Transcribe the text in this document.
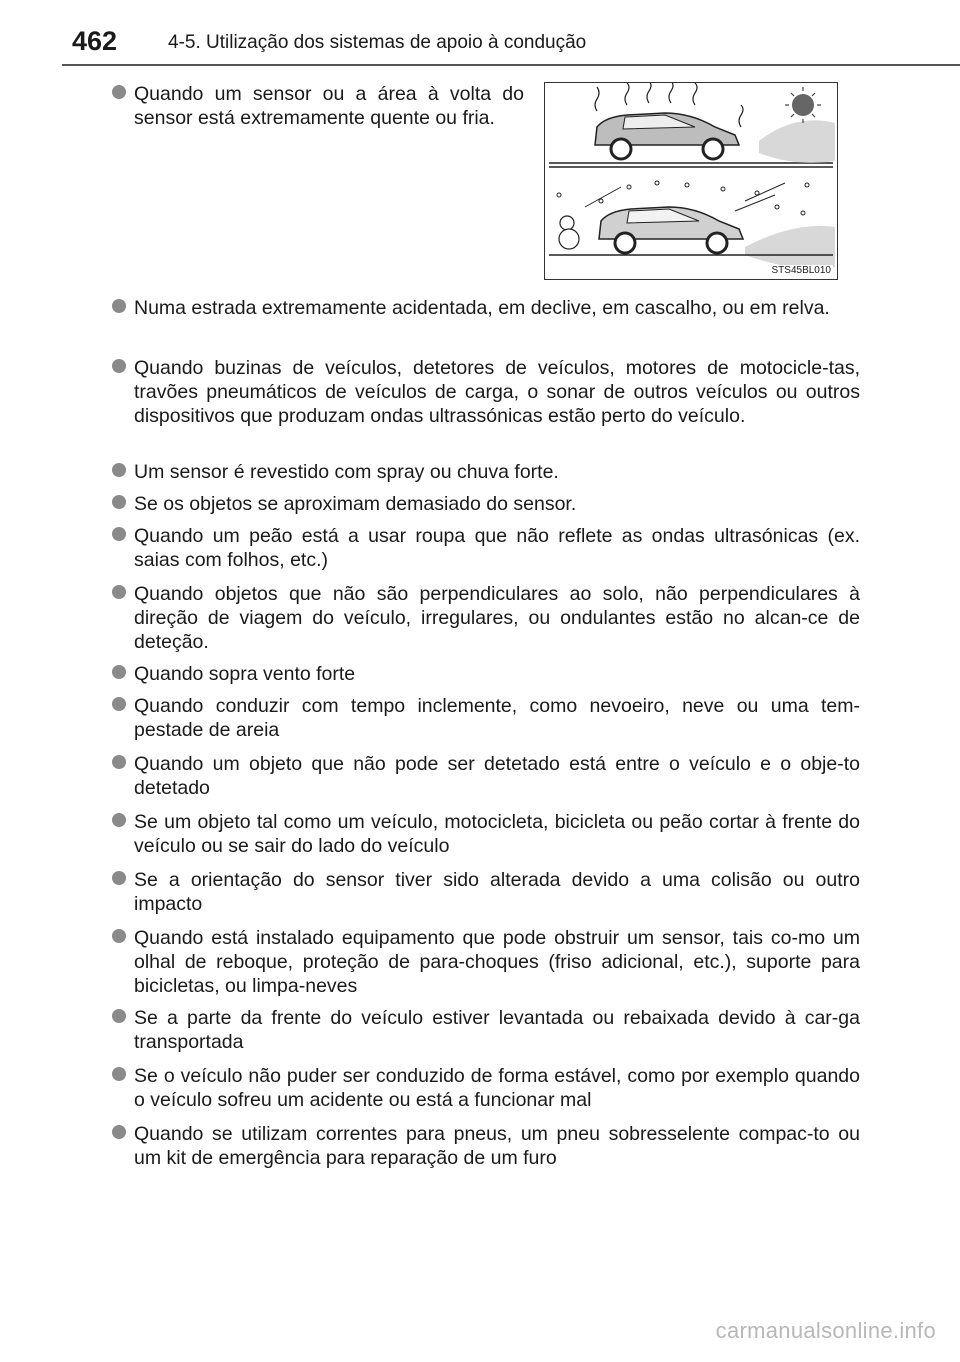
462	4-5. Utilização dos sistemas de apoio à condução
STS45BL010
Quando um sensor ou a área à volta do sensor está extremamente quente ou fria.
Numa estrada extremamente acidentada, em declive, em cascalho, ou em relva.
Quando buzinas de veículos, detetores de veículos, motores de motocicle-tas, travões pneumáticos de veículos de carga, o sonar de outros veículos ou outros dispositivos que produzam ondas ultrassónicas estão perto do veículo.
Um sensor é revestido com spray ou chuva forte.
Se os objetos se aproximam demasiado do sensor.
Quando um peão está a usar roupa que não reflete as ondas ultrasónicas (ex. saias com folhos, etc.)
Quando objetos que não são perpendiculares ao solo, não perpendiculares à direção de viagem do veículo, irregulares, ou ondulantes estão no alcan-ce de deteção.
Quando sopra vento forte
Quando conduzir com tempo inclemente, como nevoeiro, neve ou uma tem-pestade de areia
Quando um objeto que não pode ser detetado está entre o veículo e o obje-to detetado
Se um objeto tal como um veículo, motocicleta, bicicleta ou peão cortar à frente do veículo ou se sair do lado do veículo
Se a orientação do sensor tiver sido alterada devido a uma colisão ou outro impacto
Quando está instalado equipamento que pode obstruir um sensor, tais co-mo um olhal de reboque, proteção de para-choques (friso adicional, etc.), suporte para bicicletas, ou limpa-neves
Se a parte da frente do veículo estiver levantada ou rebaixada devido à car-ga transportada
Se o veículo não puder ser conduzido de forma estável, como por exemplo quando o veículo sofreu um acidente ou está a funcionar mal
Quando se utilizam correntes para pneus, um pneu sobresselente compac-to ou um kit de emergência para reparação de um furo
carmanualsonline.info
